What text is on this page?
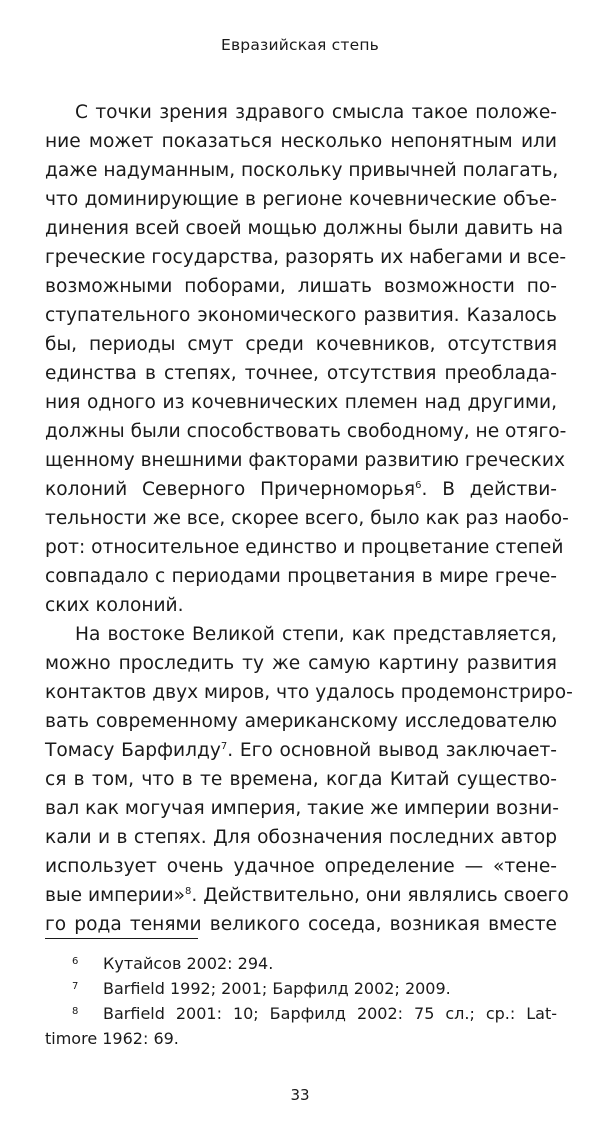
Евразийская степь
С точки зрения здравого смысла такое положе-
ние может показаться несколько непонятным или
даже надуманным, поскольку привычней полагать,
что доминирующие в регионе кочевнические объе-
динения всей своей мощью должны были давить на
греческие государства, разорять их набегами и все-
возможными поборами, лишать возможности по-
ступательного экономического развития. Казалось
бы, периоды смут среди кочевников, отсутствия
единства в степях, точнее, отсутствия преоблада-
ния одного из кочевнических племен над другими,
должны были способствовать свободному, не отяго-
щенному внешними факторами развитию греческих
колоний Северного Причерноморья$^6$. В действи-
тельности же все, скорее всего, было как раз наобо-
рот: относительное единство и процветание степей
совпадало с периодами процветания в мире грече-
ских колоний.
На востоке Великой степи, как представляется,
можно проследить ту же самую картину развития
контактов двух миров, что удалось продемонстриро-
вать современному американскому исследователю
Томасу Барфилду$^7$. Его основной вывод заключает-
ся в том, что в те времена, когда Китай существо-
вал как могучая империя, такие же империи возни-
кали и в степях. Для обозначения последних автор
использует очень удачное определение — «тене-
вые империи»$^8$. Действительно, они являлись своего
го рода тенями великого соседа, возникая вместе
6 Кутайсов 2002: 294.
7 Barfield 1992; 2001; Барфилд 2002; 2009.
8 Barfield 2001: 10; Барфилд 2002: 75 сл.; ср.: Lat-
timore 1962: 69.
33
